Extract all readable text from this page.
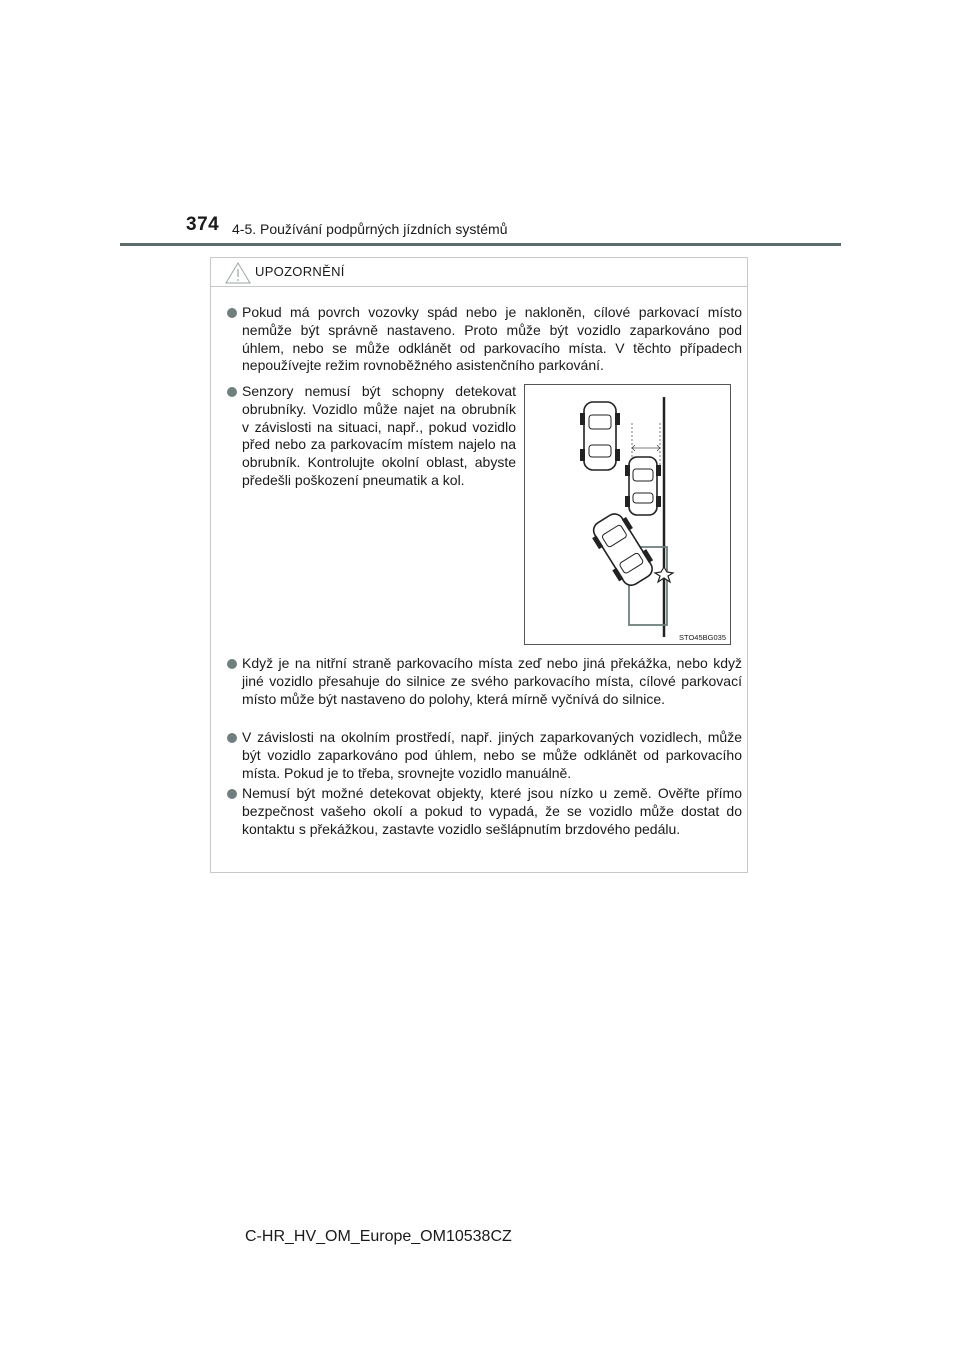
374 4-5. Používání podpůrných jízdních systémů
UPOZORNĚNÍ
Pokud má povrch vozovky spád nebo je nakloněn, cílové parkovací místo nemůže být správně nastaveno. Proto může být vozidlo zaparkováno pod úhlem, nebo se může odklánět od parkovacího místa. V těchto případech nepoužívejte režim rovnoběžného asistenčního parkování.
Senzory nemusí být schopny detekovat obrubníky. Vozidlo může najet na obrubník v závislosti na situaci, např., pokud vozidlo před nebo za parkovacím místem najelo na obrubník. Kontrolujte okolní oblast, abyste předešli poškození pneumatik a kol.
STO45BG035
Když je na nitřní straně parkovacího místa zeď nebo jiná překážka, nebo když jiné vozidlo přesahuje do silnice ze svého parkovacího místa, cílové parkovací místo může být nastaveno do polohy, která mírně vyčnívá do silnice.
V závislosti na okolním prostředí, např. jiných zaparkovaných vozidlech, může být vozidlo zaparkováno pod úhlem, nebo se může odklánět od parkovacího místa. Pokud je to třeba, srovnejte vozidlo manuálně.
Nemusí být možné detekovat objekty, které jsou nízko u země. Ověřte přímo bezpečnost vašeho okolí a pokud to vypadá, že se vozidlo může dostat do kontaktu s překážkou, zastavte vozidlo sešlápnutím brzdového pedálu.
C-HR_HV_OM_Europe_OM10538CZ
